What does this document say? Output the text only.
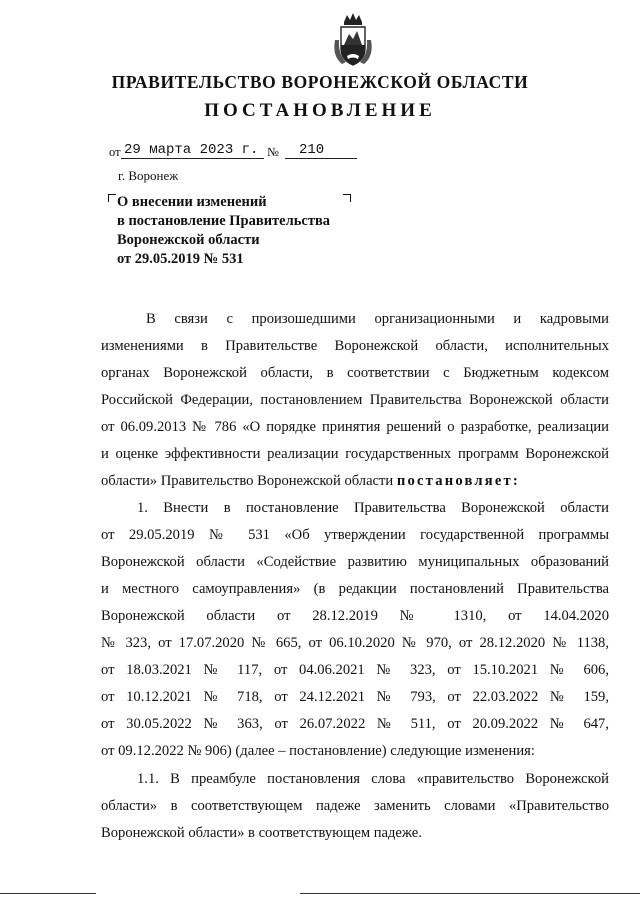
ПРАВИТЕЛЬСТВО ВОРОНЕЖСКОЙ ОБЛАСТИ
ПОСТАНОВЛЕНИЕ
от 29 марта 2023 г. №	210
г. Воронеж
О внесении изменений
в постановление Правительства
Воронежской области
от 29.05.2019 № 531
В связи с произошедшими организационными и кадровыми
изменениями в Правительстве Воронежской области, исполнительных
органах Воронежской области, в соответствии с Бюджетным кодексом
Российской Федерации, постановлением Правительства Воронежской области
от 06.09.2013 № 786 «О порядке принятия решений о разработке, реализации
и оценке эффективности реализации государственных программ Воронежской
области» Правительство Воронежской области постановляет:
1. Внести в постановление Правительства Воронежской области
от 29.05.2019 № 531 «Об утверждении государственной программы
Воронежской области «Содействие развитию муниципальных образований
и местного самоуправления» (в редакции постановлений Правительства
Воронежской области от 28.12.2019 № 1310, от 14.04.2020
№ 323, от 17.07.2020 № 665, от 06.10.2020 № 970, от 28.12.2020 № 1138,
от 18.03.2021 № 117, от 04.06.2021 № 323, от 15.10.2021 № 606,
от 10.12.2021 № 718, от 24.12.2021 № 793, от 22.03.2022 № 159,
от 30.05.2022 № 363, от 26.07.2022 № 511, от 20.09.2022 № 647,
от 09.12.2022 № 906) (далее – постановление) следующие изменения:
1.1. В преамбуле постановления слова «правительство Воронежской
области» в соответствующем падеже заменить словами «Правительство
Воронежской области» в соответствующем падеже.
